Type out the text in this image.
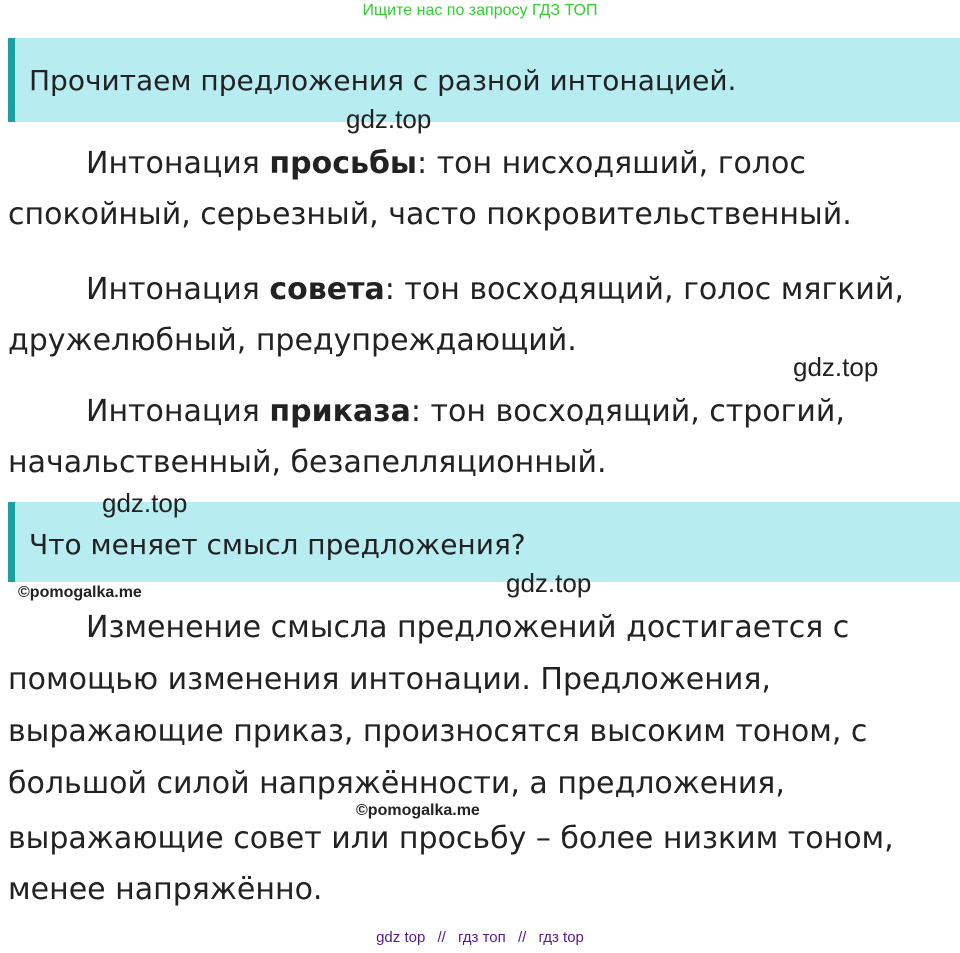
Ищите нас по запросу ГДЗ ТОП
Прочитаем предложения с разной интонацией.
gdz.top
Интонация просьбы: тон нисходяший, голос
спокойный, серьезный, часто покровительственный.
Интонация совета: тон восходящий, голос мягкий,
дружелюбный, предупреждающий.
gdz.top
Интонация приказа: тон восходящий, строгий,
начальственный, безапелляционный.
Что меняет смысл предложения?
gdz.top
©pomogalka.me	gdz.top
Изменение смысла предложений достигается с
помощью изменения интонации. Предложения,
выражающие приказ, произносятся высоким тоном, с
большой силой напряжённости, а предложения,
©pomogalka.me
выражающие совет или просьбу – более низким тоном,
менее напряжённо.
gdz top // гдз топ // гдз top
